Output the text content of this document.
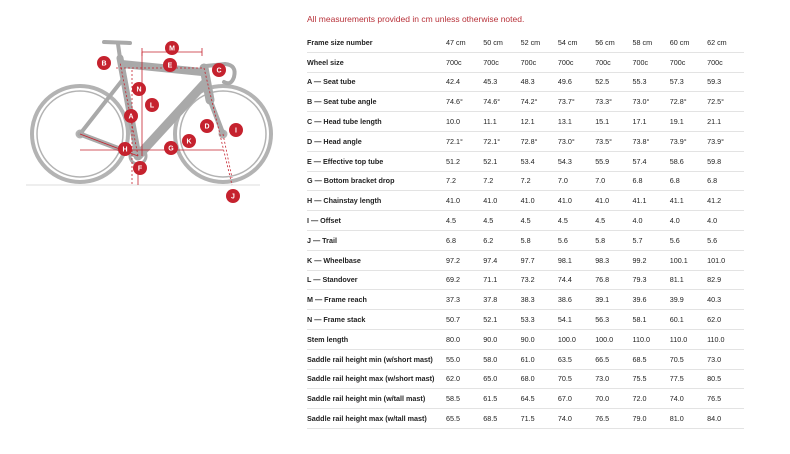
All measurements provided in cm unless otherwise noted.
M
E
B
C
N
L
A
D
I
K
G
H
F
J
Frame size number	47 cm	50 cm	52 cm	54 cm	56 cm	58 cm	60 cm	62 cm
Wheel size	700c	700c	700c	700c	700c	700c	700c	700c
A — Seat tube	42.4	45.3	48.3	49.6	52.5	55.3	57.3	59.3
B — Seat tube angle	74.6°	74.6°	74.2°	73.7°	73.3°	73.0°	72.8°	72.5°
C — Head tube length	10.0	11.1	12.1	13.1	15.1	17.1	19.1	21.1
D — Head angle	72.1°	72.1°	72.8°	73.0°	73.5°	73.8°	73.9°	73.9°
E — Effective top tube	51.2	52.1	53.4	54.3	55.9	57.4	58.6	59.8
G — Bottom bracket drop	7.2	7.2	7.2	7.0	7.0	6.8	6.8	6.8
H — Chainstay length	41.0	41.0	41.0	41.0	41.0	41.1	41.1	41.2
I — Offset	4.5	4.5	4.5	4.5	4.5	4.0	4.0	4.0
J — Trail	6.8	6.2	5.8	5.6	5.8	5.7	5.6	5.6
K — Wheelbase	97.2	97.4	97.7	98.1	98.3	99.2	100.1	101.0
L — Standover	69.2	71.1	73.2	74.4	76.8	79.3	81.1	82.9
M — Frame reach	37.3	37.8	38.3	38.6	39.1	39.6	39.9	40.3
N — Frame stack	50.7	52.1	53.3	54.1	56.3	58.1	60.1	62.0
Stem length	80.0	90.0	90.0	100.0	100.0	110.0	110.0	110.0
Saddle rail height min (w/short mast)	55.0	58.0	61.0	63.5	66.5	68.5	70.5	73.0
Saddle rail height max (w/short mast)	62.0	65.0	68.0	70.5	73.0	75.5	77.5	80.5
Saddle rail height min (w/tall mast)	58.5	61.5	64.5	67.0	70.0	72.0	74.0	76.5
Saddle rail height max (w/tall mast)	65.5	68.5	71.5	74.0	76.5	79.0	81.0	84.0
